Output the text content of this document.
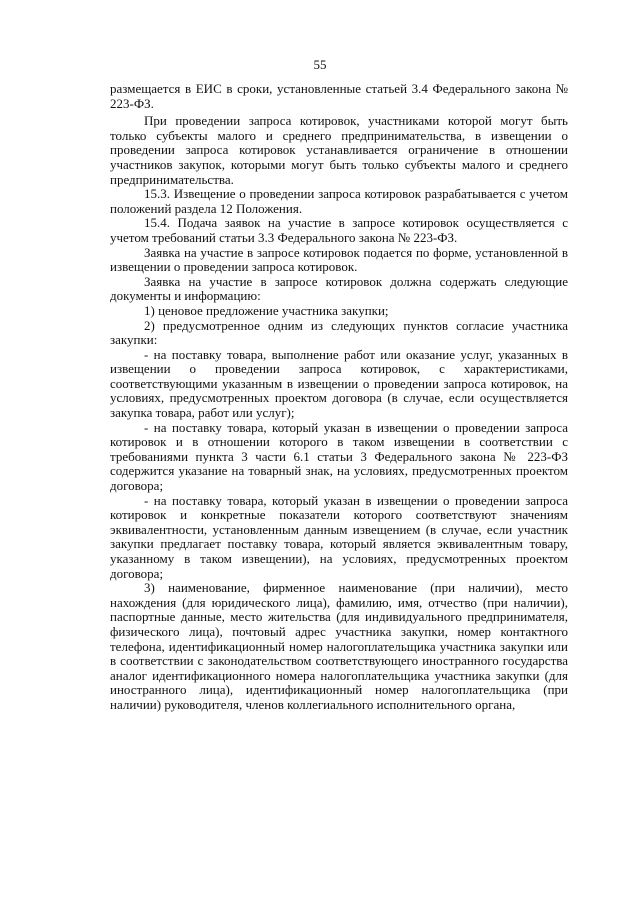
55

размещается в ЕИС в сроки, установленные статьей 3.4 Федерального закона № 223-ФЗ.

При проведении запроса котировок, участниками которой могут быть только субъекты малого и среднего предпринимательства, в извещении о проведении запроса котировок устанавливается ограничение в отношении участников закупок, которыми могут быть только субъекты малого и среднего предпринимательства.

15.3. Извещение о проведении запроса котировок разрабатывается с учетом положений раздела 12 Положения.

15.4. Подача заявок на участие в запросе котировок осуществляется с учетом требований статьи 3.3 Федерального закона № 223-ФЗ.

Заявка на участие в запросе котировок подается по форме, установленной в извещении о проведении запроса котировок.

Заявка на участие в запросе котировок должна содержать следующие документы и информацию:

1) ценовое предложение участника закупки;

2) предусмотренное одним из следующих пунктов согласие участника закупки:

- на поставку товара, выполнение работ или оказание услуг, указанных в извещении о проведении запроса котировок, с характеристиками, соответствующими указанным в извещении о проведении запроса котировок, на условиях, предусмотренных проектом договора (в случае, если осуществляется закупка товара, работ или услуг);

- на поставку товара, который указан в извещении о проведении запроса котировок и в отношении которого в таком извещении в соответствии с требованиями пункта 3 части 6.1 статьи 3 Федерального закона № 223-ФЗ содержится указание на товарный знак, на условиях, предусмотренных проектом договора;

- на поставку товара, который указан в извещении о проведении запроса котировок и конкретные показатели которого соответствуют значениям эквивалентности, установленным данным извещением (в случае, если участник закупки предлагает поставку товара, который является эквивалентным товару, указанному в таком извещении), на условиях, предусмотренных проектом договора;

3) наименование, фирменное наименование (при наличии), место нахождения (для юридического лица), фамилию, имя, отчество (при наличии), паспортные данные, место жительства (для индивидуального предпринимателя, физического лица), почтовый адрес участника закупки, номер контактного телефона, идентификационный номер налогоплательщика участника закупки или в соответствии с законодательством соответствующего иностранного государства аналог идентификационного номера налогоплательщика участника закупки (для иностранного лица), идентификационный номер налогоплательщика (при наличии) руководителя, членов коллегиального исполнительного органа,
